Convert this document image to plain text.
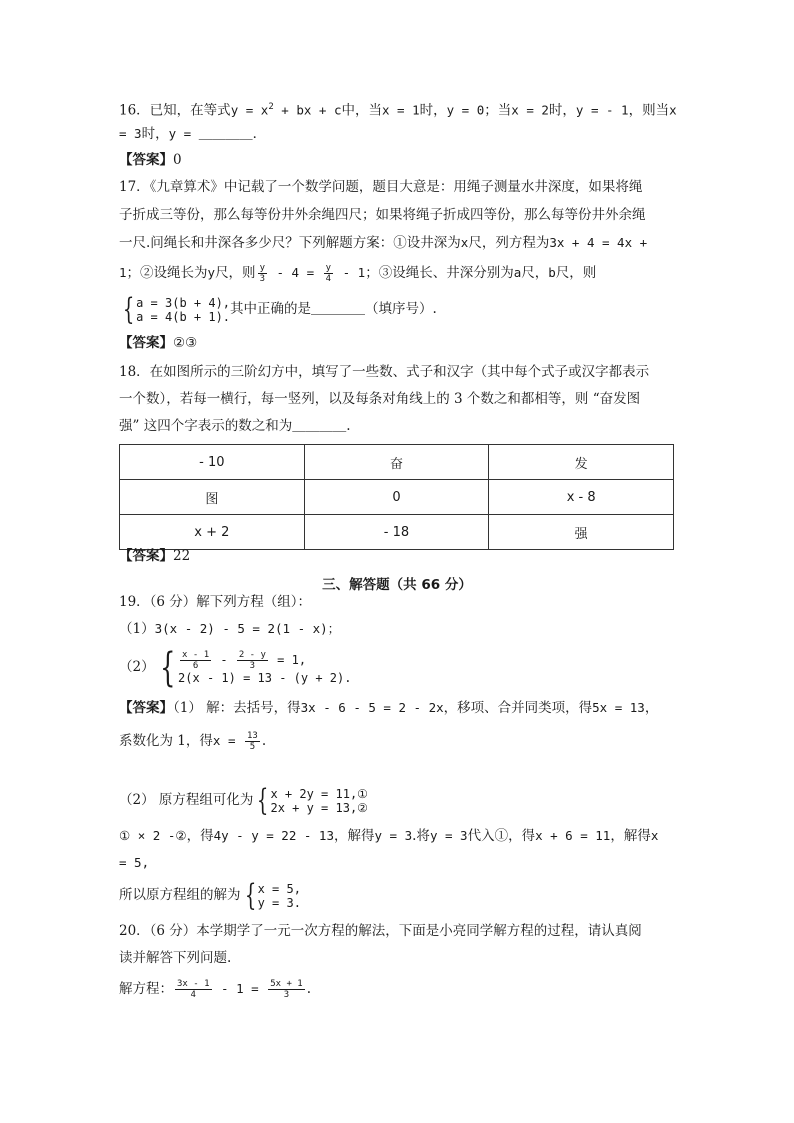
16．已知，在等式$y = x^2$ + bx + c中，当x = 1时，y = 0；当x = 2时，y = - 1，则当x
= 3时，y = ＿＿＿＿．
【答案】0
17．《九章算术》中记载了一个数学问题，题目大意是：用绳子测量水井深度，如果将绳
子折成三等份，那么每等份井外余绳四尺；如果将绳子折成四等份，那么每等份井外余绳
一尺.问绳长和井深各多少尺？下列解题方案：①设井深为x尺，列方程为3x + 4 = 4x +
1；②设绳长为y尺，则 $\frac{y}{3} - 4 = \frac{y}{4} - 1$；③设绳长、井深分别为a尺，b尺，则
{ a = 3(b + 4),
a = 4(b + 1). 其中正确的是＿＿＿＿（填序号）.
【答案】②③
18．在如图所示的三阶幻方中，填写了一些数、式子和汉字（其中每个式子或汉字都表示
一个数），若每一横行，每一竖列，以及每条对角线上的 3 个数之和都相等，则 “奋发图
强” 这四个字表示的数之和为＿＿＿＿.
- 10	奋	发
图	0	x - 8
x + 2	- 18	强
【答案】22
三、解答题（共 66 分）
19．（6 分）解下列方程（组）：
（1）3(x - 2) - 5 = 2(1 - x)；
（2） { $\frac{x - 1}{6} - \frac{2 - y}{3} = 1$,
2(x - 1) = 13 - (y + 2).
【答案】（1） 解：去括号，得3x - 6 - 5 = 2 - 2x，移项、合并同类项，得5x = 13，
系数化为 1，得$x = \frac{13}{5}$ .
（2） 原方程组可化为 { x + 2y = 11,①
2x + y = 13,②
① × 2 -②，得4y - y = 22 - 13，解得y = 3.将y = 3代入①，得x + 6 = 11，解得x
= 5,
所以原方程组的解为 { x = 5,
y = 3.
20．（6 分）本学期学了一元一次方程的解法，下面是小亮同学解方程的过程，请认真阅
读并解答下列问题.
解方程： $\frac{3x - 1}{4} - 1 = \frac{5x + 1}{3}$ .
